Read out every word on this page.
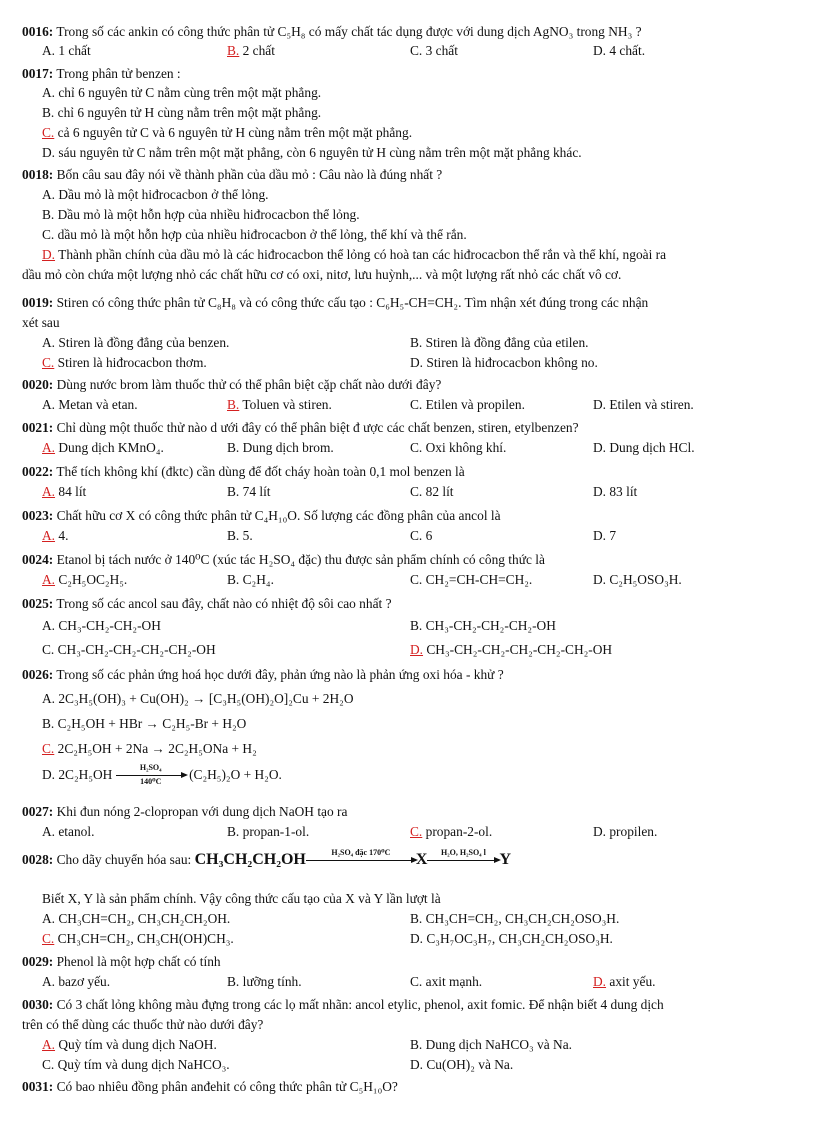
0016: Trong số các ankin có công thức phân tử C₅H₈ có mấy chất tác dụng được với dung dịch AgNO₃ trong NH₃ ?
A. 1 chất	B. 2 chất	C. 3 chất	D. 4 chất.
0017: Trong phân tử benzen :
A. chỉ 6 nguyên tử C nằm cùng trên một mặt phẳng.
B. chỉ 6 nguyên tử H cùng nằm trên một mặt phẳng.
C. cả 6 nguyên tử C và 6 nguyên tử H cùng nằm trên một mặt phẳng.
D. sáu nguyên tử C nằm trên một mặt phẳng, còn 6 nguyên tử H cùng nằm trên một mặt phẳng khác.
0018: Bốn câu sau đây nói về thành phần của dầu mỏ : Câu nào là đúng nhất ?
A. Dầu mỏ là một hiđrocacbon ở thể lỏng.
B. Dầu mỏ là một hỗn hợp của nhiều hiđrocacbon thể lỏng.
C. dầu mỏ là một hỗn hợp của nhiều hiđrocacbon ở thể lỏng, thể khí và thể rắn.
D. Thành phần chính của dầu mỏ là các hiđrocacbon thể lỏng có hoà tan các hiđrocacbon thể rắn và thể khí, ngoài ra
dầu mỏ còn chứa một lượng nhỏ các chất hữu cơ có oxi, nitơ, lưu huỳnh,... và một lượng rất nhỏ các chất vô cơ.
0019: Stiren có công thức phân tử C₈H₈ và có công thức cấu tạo : C₆H₅-CH=CH₂. Tìm nhận xét đúng trong các nhận
xét sau
A. Stiren là đồng đẳng của benzen.	B. Stiren là đồng đẳng của etilen.
C. Stiren là hiđrocacbon thơm.	D. Stiren là hiđrocacbon không no.
0020: Dùng nước brom làm thuốc thử có thể phân biệt cặp chất nào dưới đây?
A. Metan và etan.	B. Toluen và stiren.	C. Etilen và propilen.	D. Etilen và stiren.
0021: Chỉ dùng một thuốc thử nào d ưới đây có thể phân biệt đ ược các chất benzen, stiren, etylbenzen?
A. Dung dịch KMnO₄.	B. Dung dịch brom.	C. Oxi không khí.	D. Dung dịch HCl.
0022: Thể tích không khí (đktc) cần dùng để đốt cháy hoàn toàn 0,1 mol benzen là
A. 84 lít	B. 74 lít	C. 82 lít	D. 83 lít
0023: Chất hữu cơ X có công thức phân tử C₄H₁₀O. Số lượng các đồng phân của ancol là
A. 4.	B. 5.	C. 6	D. 7
0024: Etanol bị tách nước ở 140⁰C (xúc tác H₂SO₄ đặc) thu được sản phẩm chính có công thức là
A. C₂H₅OC₂H₅.	B. C₂H₄.	C. CH₂=CH-CH=CH₂.	D. C₂H₅OSO₃H.
0025: Trong số các ancol sau đây, chất nào có nhiệt độ sôi cao nhất ?
A. CH₃-CH₂-CH₂-OH	B. CH₃-CH₂-CH₂-CH₂-OH
C. CH₃-CH₂-CH₂-CH₂-CH₂-OH	D. CH₃-CH₂-CH₂-CH₂-CH₂-CH₂-OH
0026: Trong số các phản ứng hoá học dưới đây, phản ứng nào là phản ứng oxi hóa - khử ?
A. 2C₃H₅(OH)₃ + Cu(OH)₂ → [C₃H₅(OH)₂O]₂Cu + 2H₂O
B. C₂H₅OH + HBr → C₂H₅-Br + H₂O
C. 2C₂H₅OH + 2Na → 2C₂H₅ONa + H₂
D. 2C₂H₅OH	H₂SO₄
140⁰C	(C₂H₅)₂O + H₂O.
0027: Khi đun nóng 2-clopropan với dung dịch NaOH tạo ra
A. etanol.	B. propan-1-ol.	C. propan-2-ol.	D. propilen.
0028: Cho dãy chuyển hóa sau: CH₃CH₂CH₂OH	H₂SO₄ đặc 170⁰C	X	H₂O, H₂SO₄ l Y
Biết X, Y là sản phẩm chính. Vậy công thức cấu tạo của X và Y lần lượt là
A. CH₃CH=CH₂, CH₃CH₂CH₂OH.	B. CH₃CH=CH₂, CH₃CH₂CH₂OSO₃H.
C. CH₃CH=CH₂, CH₃CH(OH)CH₃.	D. C₃H₇OC₃H₇, CH₃CH₂CH₂OSO₃H.
0029: Phenol là một hợp chất có tính
A. bazơ yếu.	B. lưỡng tính.	C. axit mạnh.	D. axit yếu.
0030: Có 3 chất lỏng không màu đựng trong các lọ mất nhãn: ancol etylic, phenol, axit fomic. Để nhận biết 4 dung dịch
trên có thể dùng các thuốc thử nào dưới đây?
A. Quỳ tím và dung dịch NaOH.	B. Dung dịch NaHCO₃ và Na.
C. Quỳ tím và dung dịch NaHCO₃.	D. Cu(OH)₂ và Na.
0031: Có bao nhiêu đồng phân anđehit có công thức phân tử C₅H₁₀O?
